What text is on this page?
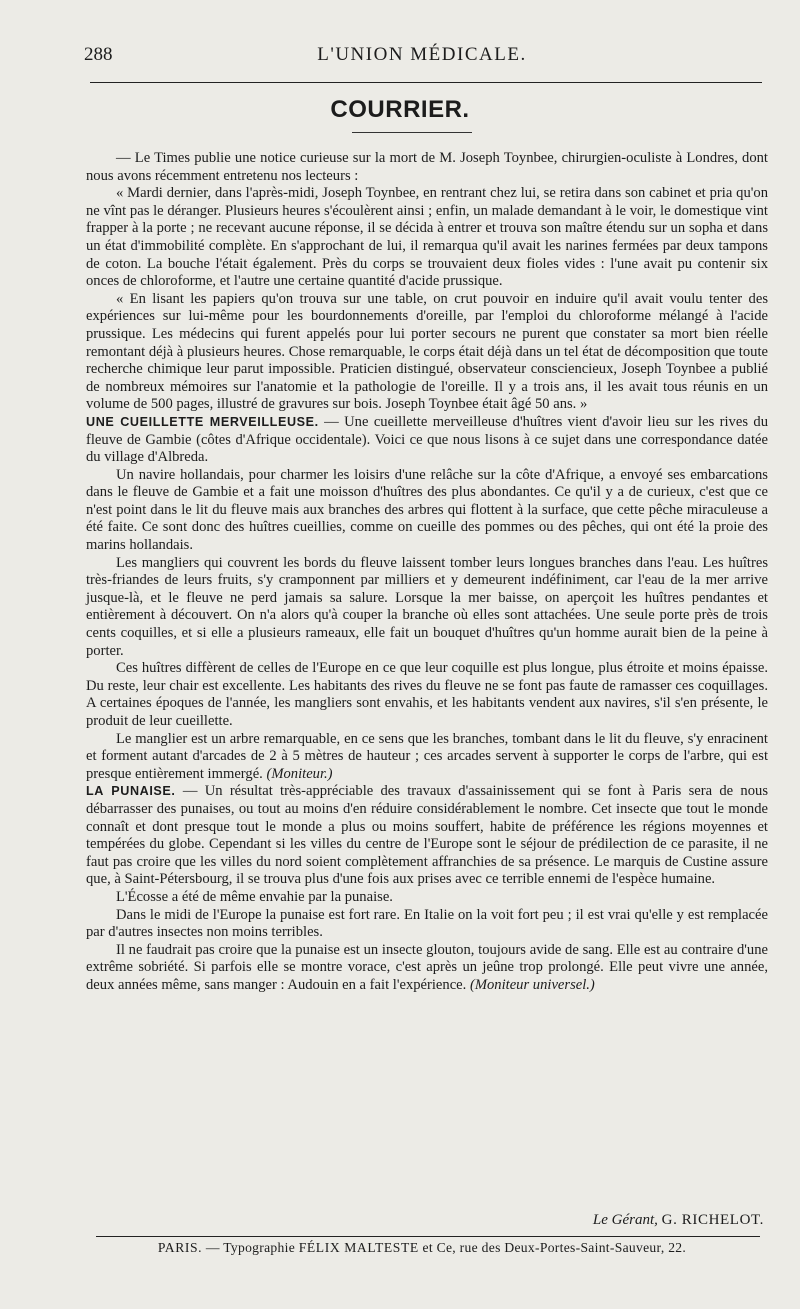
288	L'UNION MÉDICALE.
COURRIER.

— Le Times publie une notice curieuse sur la mort de M. Joseph Toynbee, chirurgien-oculiste à Londres, dont nous avons récemment entretenu nos lecteurs :

« Mardi dernier, dans l'après-midi, Joseph Toynbee, en rentrant chez lui, se retira dans son cabinet et pria qu'on ne vînt pas le déranger. Plusieurs heures s'écoulèrent ainsi ; enfin, un malade demandant à le voir, le domestique vint frapper à la porte ; ne recevant aucune réponse, il se décida à entrer et trouva son maître étendu sur un sopha et dans un état d'immobilité complète. En s'approchant de lui, il remarqua qu'il avait les narines fermées par deux tampons de coton. La bouche l'était également. Près du corps se trouvaient deux fioles vides : l'une avait pu contenir six onces de chloroforme, et l'autre une certaine quantité d'acide prussique.

« En lisant les papiers qu'on trouva sur une table, on crut pouvoir en induire qu'il avait voulu tenter des expériences sur lui-même pour les bourdonnements d'oreille, par l'emploi du chloroforme mélangé à l'acide prussique. Les médecins qui furent appelés pour lui porter secours ne purent que constater sa mort bien réelle remontant déjà à plusieurs heures. Chose remarquable, le corps était déjà dans un tel état de décomposition que toute recherche chimique leur parut impossible. Praticien distingué, observateur consciencieux, Joseph Toynbee a publié de nombreux mémoires sur l'anatomie et la pathologie de l'oreille. Il y a trois ans, il les avait tous réunis en un volume de 500 pages, illustré de gravures sur bois. Joseph Toynbee était âgé 50 ans. »

UNE CUEILLETTE MERVEILLEUSE. — Une cueillette merveilleuse d'huîtres vient d'avoir lieu sur les rives du fleuve de Gambie (côtes d'Afrique occidentale). Voici ce que nous lisons à ce sujet dans une correspondance datée du village d'Albreda.

Un navire hollandais, pour charmer les loisirs d'une relâche sur la côte d'Afrique, a envoyé ses embarcations dans le fleuve de Gambie et a fait une moisson d'huîtres des plus abondantes. Ce qu'il y a de curieux, c'est que ce n'est point dans le lit du fleuve mais aux branches des arbres qui flottent à la surface, que cette pêche miraculeuse a été faite. Ce sont donc des huîtres cueillies, comme on cueille des pommes ou des pêches, qui ont été la proie des marins hollandais.

Les mangliers qui couvrent les bords du fleuve laissent tomber leurs longues branches dans l'eau. Les huîtres très-friandes de leurs fruits, s'y cramponnent par milliers et y demeurent indéfiniment, car l'eau de la mer arrive jusque-là, et le fleuve ne perd jamais sa salure. Lorsque la mer baisse, on aperçoit les huîtres pendantes et entièrement à découvert. On n'a alors qu'à couper la branche où elles sont attachées. Une seule porte près de trois cents coquilles, et si elle a plusieurs rameaux, elle fait un bouquet d'huîtres qu'un homme aurait bien de la peine à porter.

Ces huîtres diffèrent de celles de l'Europe en ce que leur coquille est plus longue, plus étroite et moins épaisse. Du reste, leur chair est excellente. Les habitants des rives du fleuve ne se font pas faute de ramasser ces coquillages. A certaines époques de l'année, les mangliers sont envahis, et les habitants vendent aux navires, s'il s'en présente, le produit de leur cueillette.

Le manglier est un arbre remarquable, en ce sens que les branches, tombant dans le lit du fleuve, s'y enracinent et forment autant d'arcades de 2 à 5 mètres de hauteur ; ces arcades servent à supporter le corps de l'arbre, qui est presque entièrement immergé. (Moniteur.)

LA PUNAISE. — Un résultat très-appréciable des travaux d'assainissement qui se font à Paris sera de nous débarrasser des punaises, ou tout au moins d'en réduire considérablement le nombre. Cet insecte que tout le monde connaît et dont presque tout le monde a plus ou moins souffert, habite de préférence les régions moyennes et tempérées du globe. Cependant si les villes du centre de l'Europe sont le séjour de prédilection de ce parasite, il ne faut pas croire que les villes du nord soient complètement affranchies de sa présence. Le marquis de Custine assure que, à Saint-Pétersbourg, il se trouva plus d'une fois aux prises avec ce terrible ennemi de l'espèce humaine.

L'Écosse a été de même envahie par la punaise.

Dans le midi de l'Europe la punaise est fort rare. En Italie on la voit fort peu ; il est vrai qu'elle y est remplacée par d'autres insectes non moins terribles.

Il ne faudrait pas croire que la punaise est un insecte glouton, toujours avide de sang. Elle est au contraire d'une extrême sobriété. Si parfois elle se montre vorace, c'est après un jeûne trop prolongé. Elle peut vivre une année, deux années même, sans manger : Audouin en a fait l'expérience. (Moniteur universel.)

Le Gérant, G. RICHELOT.
PARIS. — Typographie FÉLIX MALTESTE et Ce, rue des Deux-Portes-Saint-Sauveur, 22.
